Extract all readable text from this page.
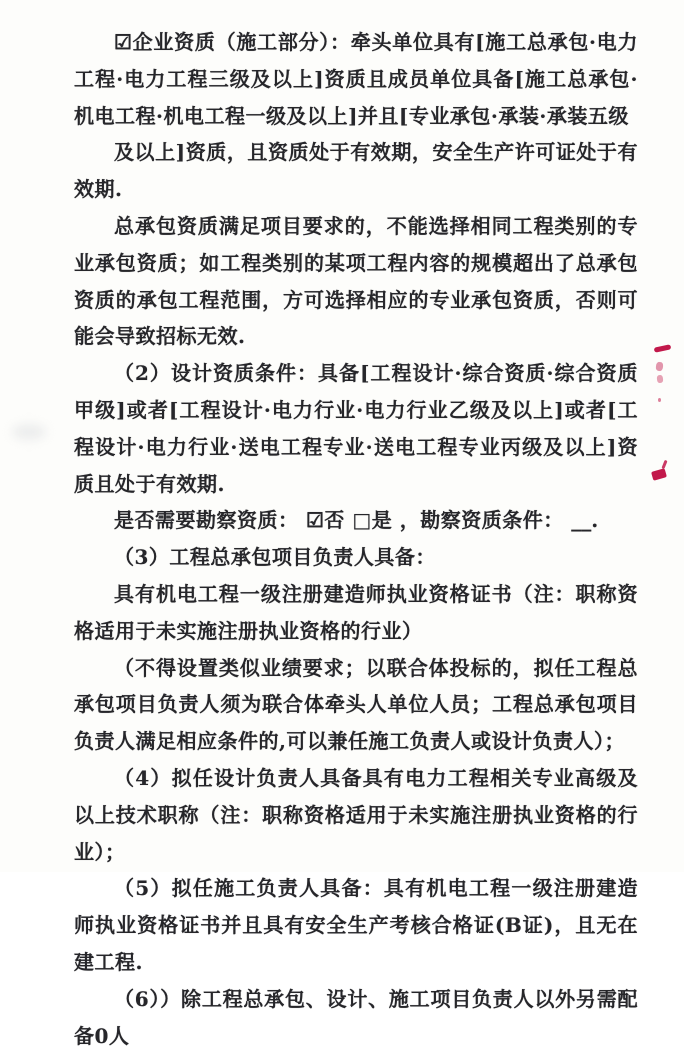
☑企业资质（施工部分）：牵头单位具有[施工总承包·电力工程·电力工程三级及以上]资质且成员单位具备[施工总承包·机电工程·机电工程一级及以上]并且[专业承包·承装·承装五级

及以上]资质，且资质处于有效期，安全生产许可证处于有效期.

总承包资质满足项目要求的，不能选择相同工程类别的专业承包资质；如工程类别的某项工程内容的规模超出了总承包资质的承包工程范围，方可选择相应的专业承包资质，否则可能会导致招标无效.

（2）设计资质条件：具备[工程设计·综合资质·综合资质甲级]或者[工程设计·电力行业·电力行业乙级及以上]或者[工程设计·电力行业·送电工程专业·送电工程专业丙级及以上]资质且处于有效期.

是否需要勘察资质： ☑否 □是 ，勘察资质条件： __.

（3）工程总承包项目负责人具备：

具有机电工程一级注册建造师执业资格证书（注：职称资格适用于未实施注册执业资格的行业）

（不得设置类似业绩要求；以联合体投标的，拟任工程总承包项目负责人须为联合体牵头人单位人员；工程总承包项目负责人满足相应条件的,可以兼任施工负责人或设计负责人）；

（4）拟任设计负责人具备具有电力工程相关专业高级及以上技术职称（注：职称资格适用于未实施注册执业资格的行业）；

（5）拟任施工负责人具备：具有机电工程一级注册建造师执业资格证书并且具有安全生产考核合格证(B证)，且无在建工程.

（6））除工程总承包、设计、施工项目负责人以外另需配备0人
